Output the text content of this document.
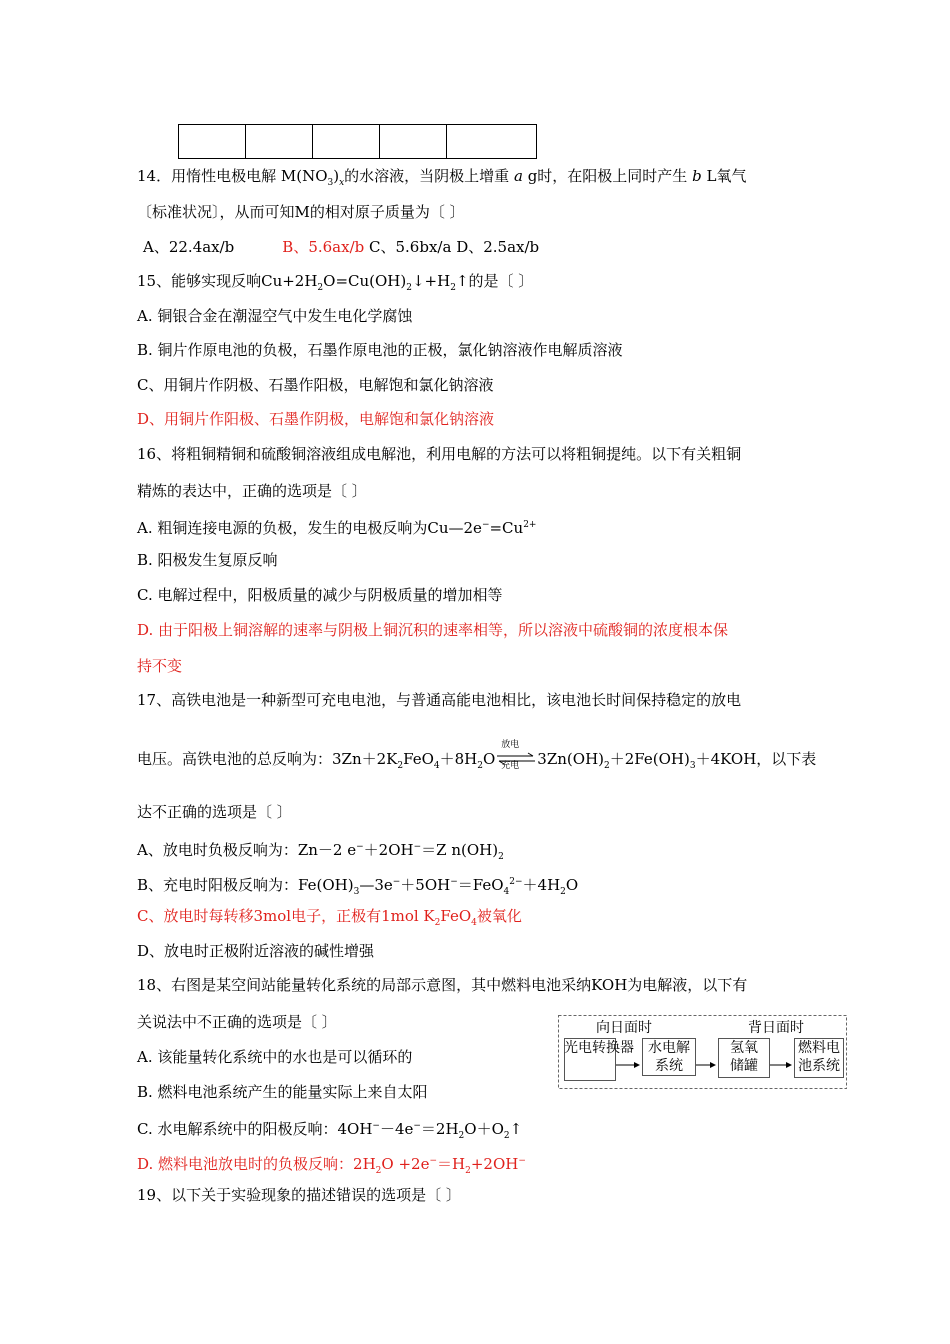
14．用惰性电极电解 $M(NO_3)_x$的水溶液，当阴极上增重 a g时，在阳极上同时产生 b L氧气
〔标准状况〕，从而可知M的相对原子质量为〔 〕
A、22.4ax/b	B、5.6ax/b C、5.6bx/a D、2.5ax/b
15、能够实现反响$Cu+2H_2O=Cu(OH)_2↓+H_2↑$的是〔 〕
A. 铜银合金在潮湿空气中发生电化学腐蚀
B. 铜片作原电池的负极，石墨作原电池的正极，氯化钠溶液作电解质溶液
C、用铜片作阴极、石墨作阳极，电解饱和氯化钠溶液
D、用铜片作阳极、石墨作阴极，电解饱和氯化钠溶液
16、将粗铜精铜和硫酸铜溶液组成电解池，利用电解的方法可以将粗铜提纯。以下有关粗铜
精炼的表达中，正确的选项是〔 〕
A. 粗铜连接电源的负极，发生的电极反响为$Cu—2e^-=Cu^{2+}$
B. 阳极发生复原反响
C. 电解过程中，阳极质量的减少与阴极质量的增加相等
D. 由于阳极上铜溶解的速率与阴极上铜沉积的速率相等，所以溶液中硫酸铜的浓度根本保
持不变
17、高铁电池是一种新型可充电电池，与普通高能电池相比，该电池长时间保持稳定的放电
电压。高铁电池的总反响为：$3Zn+2K_2FeO_4+8H_2O$
放电
充电 $3Zn(OH)_2+2Fe(OH)_3+4KOH$，以下表
达不正确的选项是〔 〕
A、放电时负极反响为：Zn－2 e−＋2OH−＝Z $n(OH)_2$
B、充电时阳极反响为：$Fe(OH)_3—3e^-+5OH^-=FeO_4^{2-}+4H_2O$
C、放电时每转移3mol电子，正极有1mol $K_2FeO_4$被氧化
D、放电时正极附近溶液的碱性增强
18、右图是某空间站能量转化系统的局部示意图，其中燃料电池采纳KOH为电解液，以下有
关说法中不正确的选项是〔 〕
A. 该能量转化系统中的水也是可以循环的
B. 燃料电池系统产生的能量实际上来自太阳
C. 水电解系统中的阳极反响：$4OH^--4e^-=2H_2O+O_2↑$
D. 燃料电池放电时的负极反响：$2H_2O +2e^-=H_2+2OH^-$
向日面时	背日面时
光电转换器	水电解
系统
氢氧
储罐
燃料电
池系统
19、以下关于实验现象的描述错误的选项是〔 〕
